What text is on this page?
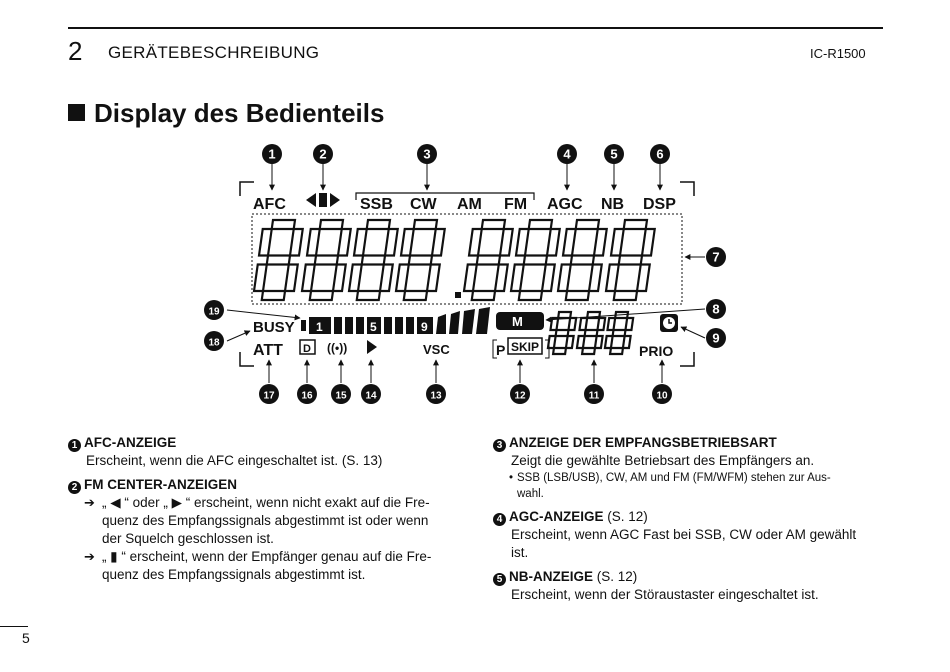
2 GERÄTEBESCHREIBUNG	IC-R1500
Display des Bedienteils
AFC	SSB CW AM FM AGC NB DSP
1	5	9	M
BUSY
ATT D ((•))	VSC	P SKIP	PRIO
1	2	3	4	5	6
7
8
9
10
11
12
13
14
15
16
17
18
19
1 AFC-ANZEIGE
Erscheint, wenn die AFC eingeschaltet ist. (S. 13)
2 FM CENTER-ANZEIGEN
➔ „ ◀ “ oder „ ▶ “ erscheint, wenn nicht exakt auf die Fre-
quenz des Empfangssignals abgestimmt ist oder wenn
der Squelch geschlossen ist.
➔ „ ▮ “ erscheint, wenn der Empfänger genau auf die Fre-
quenz des Empfangssignals abgestimmt ist.
3 ANZEIGE DER EMPFANGSBETRIEBSART
Zeigt die gewählte Betriebsart des Empfängers an.
• SSB (LSB/USB), CW, AM und FM (FM/WFM) stehen zur Aus-
wahl.
4 AGC-ANZEIGE (S. 12)
Erscheint, wenn AGC Fast bei SSB, CW oder AM gewählt
ist.
5 NB-ANZEIGE (S. 12)
Erscheint, wenn der Störaustaster eingeschaltet ist.
5
